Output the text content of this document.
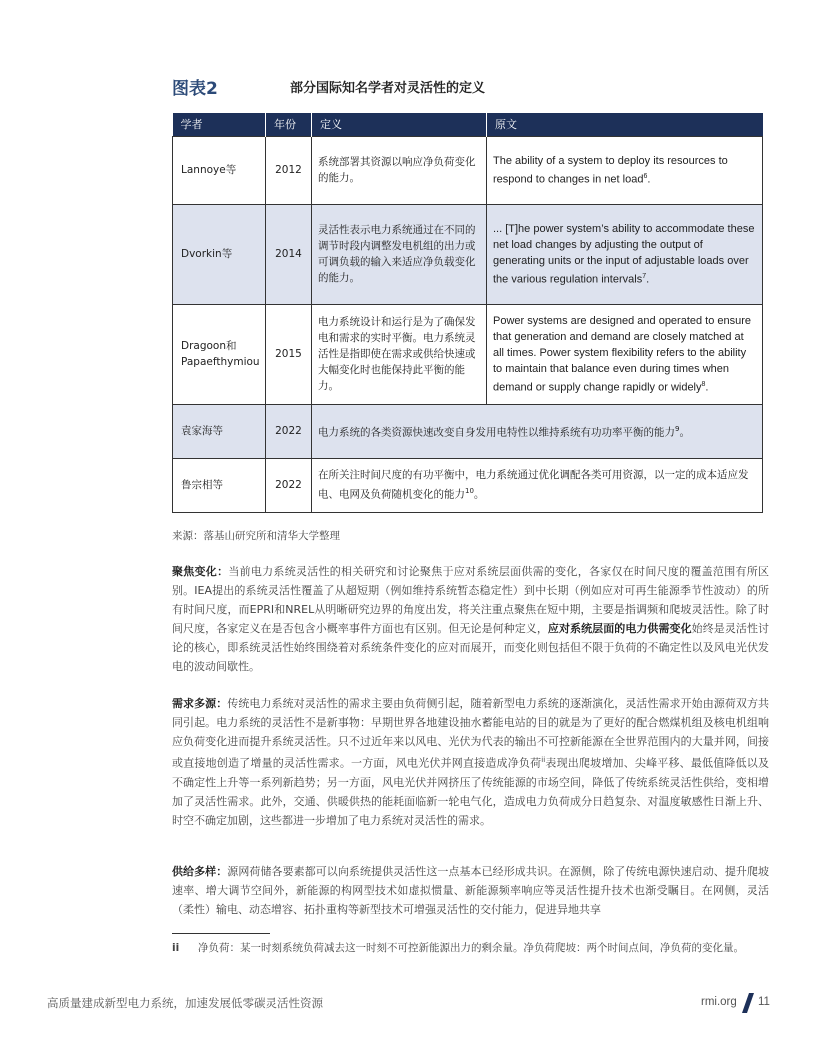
图表2	部分国际知名学者对灵活性的定义
学者	年份	定义	原文
Lannoye等	2012	系统部署其资源以响应净负荷变化的能力。	The ability of a system to deploy its resources to respond to changes in net load$^6$.
Dvorkin等	2014	灵活性表示电力系统通过在不同的调节时段内调整发电机组的出力或可调负载的输入来适应净负载变化的能力。	... [T]he power system’s ability to accommodate these net load changes by adjusting the output of generating units or the input of adjustable loads over the various regulation intervals$^7$.
Dragoon和 Papaefthymiou	2015	电力系统设计和运行是为了确保发电和需求的实时平衡。电力系统灵活性是指即使在需求或供给快速或大幅变化时也能保持此平衡的能力。	Power systems are designed and operated to ensure that generation and demand are closely matched at all times. Power system flexibility refers to the ability to maintain that balance even during times when demand or supply change rapidly or widely$^8$.
袁家海等	2022	电力系统的各类资源快速改变自身发用电特性以维持系统有功功率平衡的能力$^9$。	
鲁宗相等	2022	在所关注时间尺度的有功平衡中，电力系统通过优化调配各类可用资源，以一定的成本适应发电、电网及负荷随机变化的能力$^{10}$。	
来源：落基山研究所和清华大学整理

聚焦变化：当前电力系统灵活性的相关研究和讨论聚焦于应对系统层面供需的变化，各家仅在时间尺度的覆盖范围有所区别。IEA提出的系统灵活性覆盖了从超短期（例如维持系统暂态稳定性）到中长期（例如应对可再生能源季节性波动）的所有时间尺度，而EPRI和NREL从明晰研究边界的角度出发，将关注重点聚焦在短中期，主要是指调频和爬坡灵活性。除了时间尺度，各家定义在是否包含小概率事件方面也有区别。但无论是何种定义，应对系统层面的电力供需变化始终是灵活性讨论的核心，即系统灵活性始终围绕着对系统条件变化的应对而展开，而变化则包括但不限于负荷的不确定性以及风电光伏发电的波动间歇性。

需求多源：传统电力系统对灵活性的需求主要由负荷侧引起，随着新型电力系统的逐渐演化，灵活性需求开始由源荷双方共同引起。电力系统的灵活性不是新事物：早期世界各地建设抽水蓄能电站的目的就是为了更好的配合燃煤机组及核电机组响应负荷变化进而提升系统灵活性。只不过近年来以风电、光伏为代表的输出不可控新能源在全世界范围内的大量并网，间接或直接地创造了增量的灵活性需求。一方面，风电光伏并网直接造成净负荷$^{ii}$表现出爬坡增加、尖峰平移、最低值降低以及不确定性上升等一系列新趋势；另一方面，风电光伏并网挤压了传统能源的市场空间，降低了传统系统灵活性供给，变相增加了灵活性需求。此外，交通、供暖供热的能耗面临新一轮电气化，造成电力负荷成分日趋复杂、对温度敏感性日渐上升、时空不确定加剧，这些都进一步增加了电力系统对灵活性的需求。

供给多样：源网荷储各要素都可以向系统提供灵活性这一点基本已经形成共识。在源侧，除了传统电源快速启动、提升爬坡速率、增大调节空间外，新能源的构网型技术如虚拟惯量、新能源频率响应等灵活性提升技术也渐受瞩目。在网侧，灵活（柔性）输电、动态增容、拓扑重构等新型技术可增强灵活性的交付能力，促进异地共享

ii 净负荷：某一时刻系统负荷减去这一时刻不可控新能源出力的剩余量。净负荷爬坡：两个时间点间，净负荷的变化量。
高质量建成新型电力系统，加速发展低零碳灵活性资源	rmi.org 11
